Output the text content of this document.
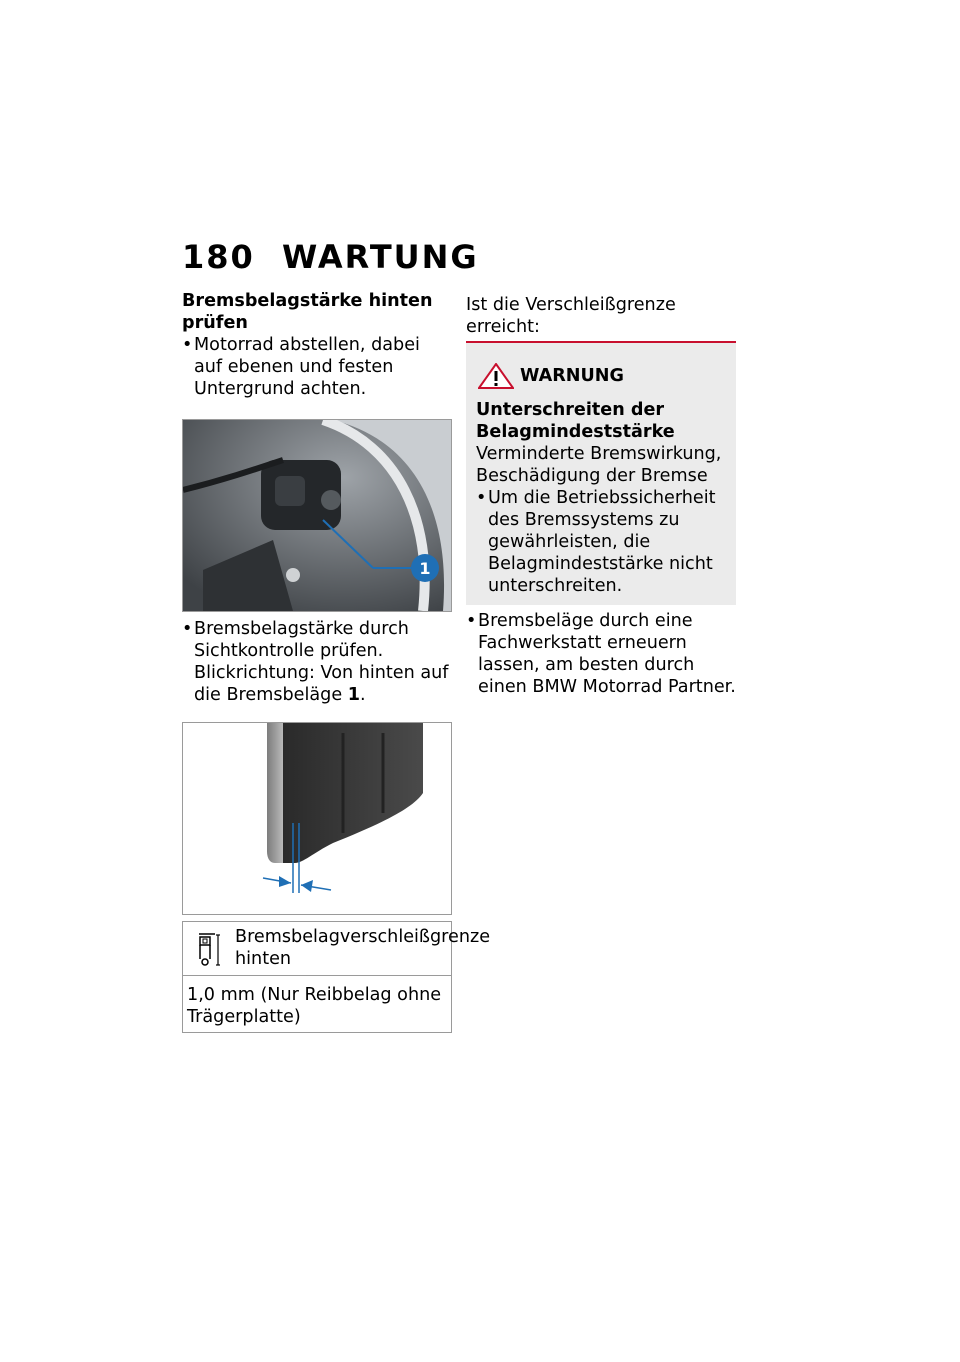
180 WARTUNG

Bremsbelagstärke hinten prüfen

• Motorrad abstellen, dabei auf ebenen und festen Untergrund achten.

1

• Bremsbelagstärke durch Sichtkontrolle prüfen.
Blickrichtung: Von hinten auf die Bremsbeläge 1.

Bremsbelagverschleißgrenze hinten
1,0 mm (Nur Reibbelag ohne Trägerplatte)

Ist die Verschleißgrenze erreicht:

WARNUNG

Unterschreiten der Belagmindeststärke

Verminderte Bremswirkung, Beschädigung der Bremse

• Um die Betriebssicherheit des Bremssystems zu gewährleisten, die Belagmindeststärke nicht unterschreiten.

• Bremsbeläge durch eine Fachwerkstatt erneuern lassen, am besten durch einen BMW Motorrad Partner.
